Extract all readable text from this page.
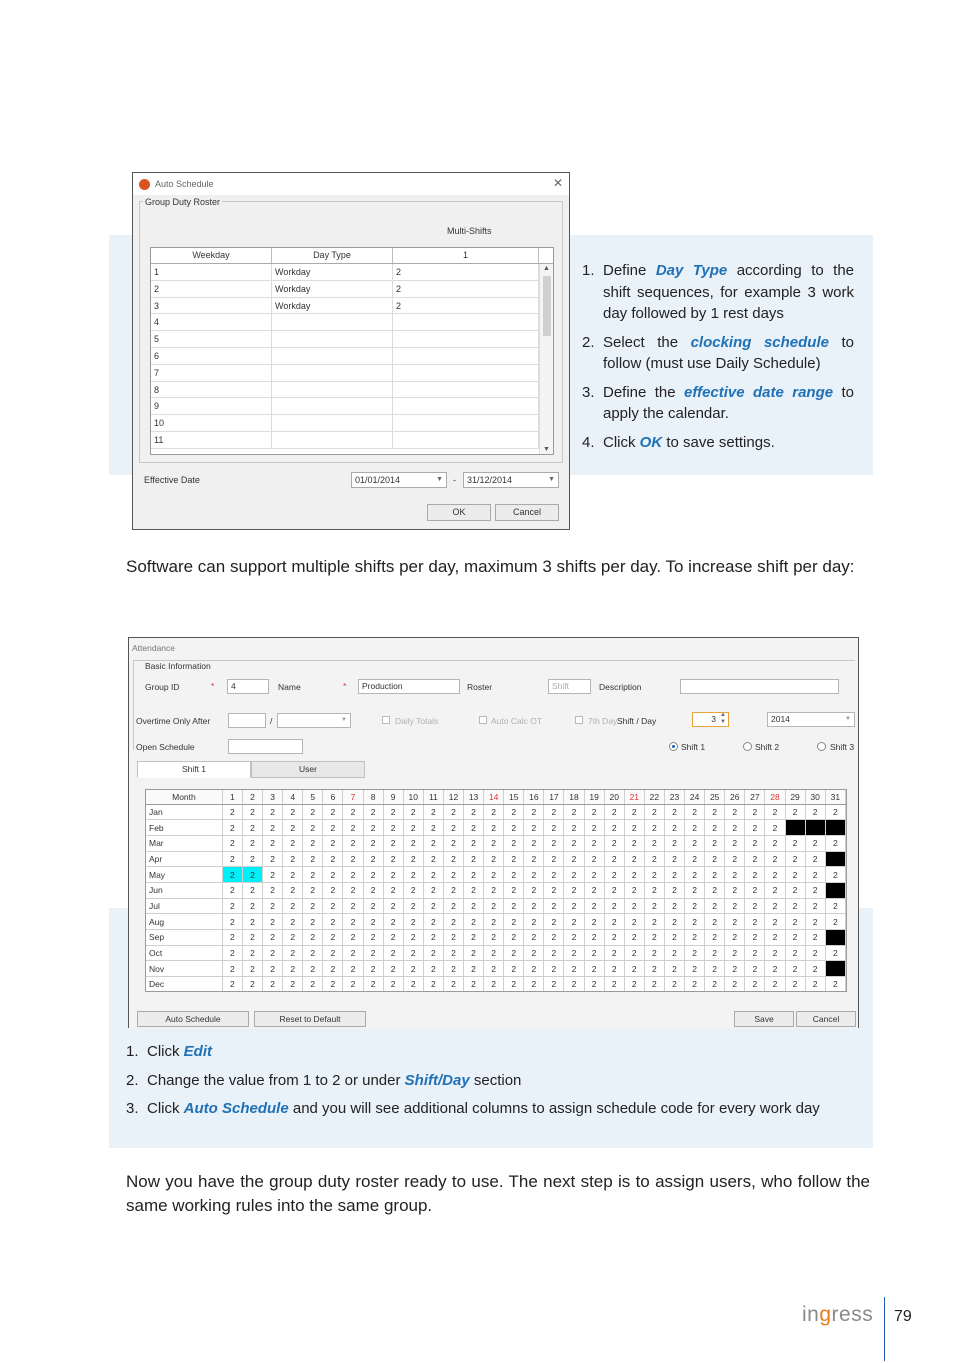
Auto Schedule	✕
Group Duty Roster
Multi-Shifts
Weekday	Day Type	1
1	Workday	2
2	Workday	2
3	Workday	2
4
5
6
7
8
9
10
11
▲
▼
Effective Date	01/01/2014	▼ -	31/12/2014	▼
OK	Cancel
1. Define Day Type according to the shift sequences, for example 3 work day followed by 1 rest days
2. Select the clocking schedule to follow (must use Daily Schedule)
3. Define the effective date range to apply the calendar.
4. Click OK to save settings.
Software can support multiple shifts per day, maximum 3 shifts per day. To increase shift per day:
Attendance
Basic Information
Group ID	*	4	Name	*	Production	Roster	Shift	Description
Overtime Only After	/	▼	Daily Totals	Auto Calc OT	7th Day Shift / Day	3 ▲
▼	2014	▼
Open Schedule	Shift 1	Shift 2	Shift 3
Shift 1	User
Month	1	2	3	4	5	6	7	8	9	10	11	12	13	14	15	16	17	18	19	20	21	22	23	24	25	26	27	28	29	30	31
Jan	2	2	2	2	2	2	2	2	2	2	2	2	2	2	2	2	2	2	2	2	2	2	2	2	2	2	2	2	2	2	2
Feb	2	2	2	2	2	2	2	2	2	2	2	2	2	2	2	2	2	2	2	2	2	2	2	2	2	2	2	2			
Mar	2	2	2	2	2	2	2	2	2	2	2	2	2	2	2	2	2	2	2	2	2	2	2	2	2	2	2	2	2	2	2
Apr	2	2	2	2	2	2	2	2	2	2	2	2	2	2	2	2	2	2	2	2	2	2	2	2	2	2	2	2	2	2	
May	2	2	2	2	2	2	2	2	2	2	2	2	2	2	2	2	2	2	2	2	2	2	2	2	2	2	2	2	2	2	2
Jun	2	2	2	2	2	2	2	2	2	2	2	2	2	2	2	2	2	2	2	2	2	2	2	2	2	2	2	2	2	2	
Jul	2	2	2	2	2	2	2	2	2	2	2	2	2	2	2	2	2	2	2	2	2	2	2	2	2	2	2	2	2	2	2
Aug	2	2	2	2	2	2	2	2	2	2	2	2	2	2	2	2	2	2	2	2	2	2	2	2	2	2	2	2	2	2	2
Sep	2	2	2	2	2	2	2	2	2	2	2	2	2	2	2	2	2	2	2	2	2	2	2	2	2	2	2	2	2	2	
Oct	2	2	2	2	2	2	2	2	2	2	2	2	2	2	2	2	2	2	2	2	2	2	2	2	2	2	2	2	2	2	2
Nov	2	2	2	2	2	2	2	2	2	2	2	2	2	2	2	2	2	2	2	2	2	2	2	2	2	2	2	2	2	2	
Dec	2	2	2	2	2	2	2	2	2	2	2	2	2	2	2	2	2	2	2	2	2	2	2	2	2	2	2	2	2	2	2
Auto Schedule	Reset to Default	Save	Cancel
1. Click Edit
2. Change the value from 1 to 2 or under Shift/Day section
3. Click Auto Schedule and you will see additional columns to assign schedule code for every work day
Now you have the group duty roster ready to use. The next step is to assign users, who follow the same working rules into the same group.
ingress 79
